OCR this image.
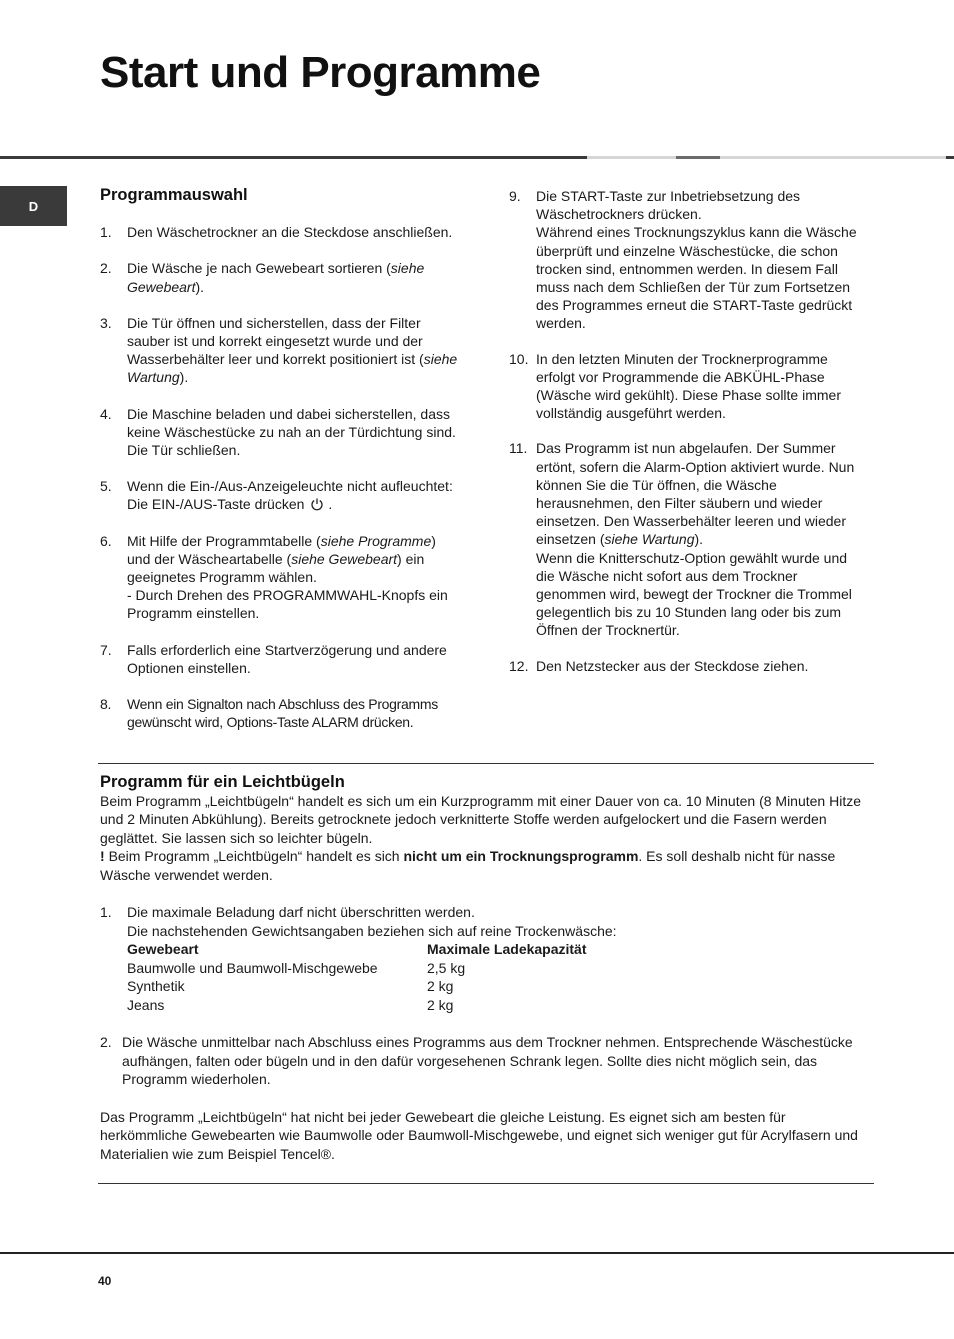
Start und Programme
D
Programmauswahl
1. Den Wäschetrockner an die Steckdose anschließen.
2. Die Wäsche je nach Gewebeart sortieren (siehe Gewebeart).
3. Die Tür öffnen und sicherstellen, dass der Filter sauber ist und korrekt eingesetzt wurde und der Wasserbehälter leer und korrekt positioniert ist (siehe Wartung).
4. Die Maschine beladen und dabei sicherstellen, dass keine Wäschestücke zu nah an der Türdichtung sind. Die Tür schließen.
5. Wenn die Ein-/Aus-Anzeigeleuchte nicht aufleuchtet: Die EIN-/AUS-Taste drücken .
6. Mit Hilfe der Programmtabelle (siehe Programme) und der Wäscheartabelle (siehe Gewebeart) ein geeignetes Programm wählen.
- Durch Drehen des PROGRAMMWAHL-Knopfs ein Programm einstellen.
7. Falls erforderlich eine Startverzögerung und andere Optionen einstellen.
8. Wenn ein Signalton nach Abschluss des Programms gewünscht wird, Options-Taste ALARM drücken.
9. Die START-Taste zur Inbetriebsetzung des Wäschetrockners drücken.
Während eines Trocknungszyklus kann die Wäsche überprüft und einzelne Wäschestücke, die schon trocken sind, entnommen werden. In diesem Fall muss nach dem Schließen der Tür zum Fortsetzen des Programmes erneut die START-Taste gedrückt werden.
10. In den letzten Minuten der Trocknerprogramme erfolgt vor Programmende die ABKÜHL-Phase (Wäsche wird gekühlt). Diese Phase sollte immer vollständig ausgeführt werden.
11. Das Programm ist nun abgelaufen. Der Summer ertönt, sofern die Alarm-Option aktiviert wurde. Nun können Sie die Tür öffnen, die Wäsche herausnehmen, den Filter säubern und wieder einsetzen. Den Wasserbehälter leeren und wieder einsetzen (siehe Wartung).
Wenn die Knitterschutz-Option gewählt wurde und die Wäsche nicht sofort aus dem Trockner genommen wird, bewegt der Trockner die Trommel gelegentlich bis zu 10 Stunden lang oder bis zum Öffnen der Trocknertür.
12. Den Netzstecker aus der Steckdose ziehen.
Programm für ein Leichtbügeln

Beim Programm „Leichtbügeln“ handelt es sich um ein Kurzprogramm mit einer Dauer von ca. 10 Minuten (8 Minuten Hitze und 2 Minuten Abkühlung). Bereits getrocknete jedoch verknitterte Stoffe werden aufgelockert und die Fasern werden geglättet. Sie lassen sich so leichter bügeln.

! Beim Programm „Leichtbügeln“ handelt es sich nicht um ein Trocknungsprogramm. Es soll deshalb nicht für nasse Wäsche verwendet werden.

1. Die maximale Beladung darf nicht überschritten werden.
Die nachstehenden Gewichtsangaben beziehen sich auf reine Trockenwäsche:
Gewebeart	Maximale Ladekapazität
Baumwolle und Baumwoll-Mischgewebe	2,5 kg
Synthetik	2 kg
Jeans	2 kg
2. Die Wäsche unmittelbar nach Abschluss eines Programms aus dem Trockner nehmen. Entsprechende Wäschestücke aufhängen, falten oder bügeln und in den dafür vorgesehenen Schrank legen. Sollte dies nicht möglich sein, das Programm wiederholen.

Das Programm „Leichtbügeln“ hat nicht bei jeder Gewebeart die gleiche Leistung. Es eignet sich am besten für herkömmliche Gewebearten wie Baumwolle oder Baumwoll-Mischgewebe, und eignet sich weniger gut für Acrylfasern und Materialien wie zum Beispiel Tencel®.

40
